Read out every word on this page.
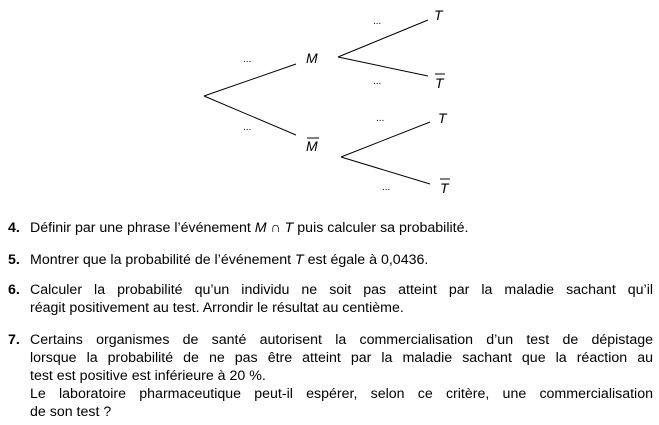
...
...
...
...
...
...
M
M
T
T
T
T
4. Définir par une phrase l’événement M ∩ T puis calculer sa probabilité.
5. Montrer que la probabilité de l’événement T est égale à 0,0436.
6. Calculer la probabilité qu’un individu ne soit pas atteint par la maladie sachant qu’il
réagit positivement au test. Arrondir le résultat au centième.
7. Certains organismes de santé autorisent la commercialisation d’un test de dépistage
lorsque la probabilité de ne pas être atteint par la maladie sachant que la réaction au
test est positive est inférieure à 20 %.
Le laboratoire pharmaceutique peut-il espérer, selon ce critère, une commercialisation
de son test ?
